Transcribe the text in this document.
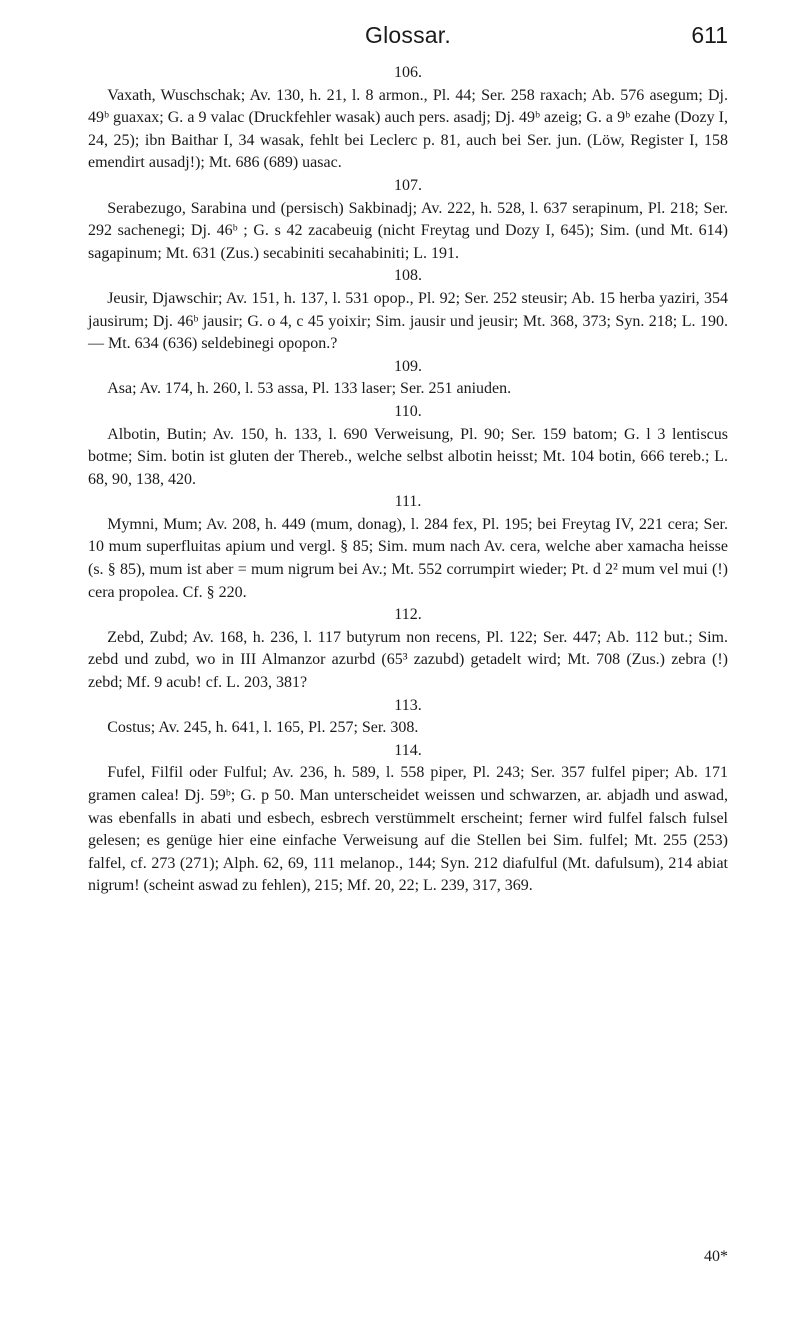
Glossar.	611

106.

Vaxath, Wuschschak; Av. 130, h. 21, l. 8 armon., Pl. 44; Ser. 258 raxach; Ab. 576 asegum; Dj. 49ᵇ guaxax; G. a 9 valac (Druckfehler wasak) auch pers. asadj; Dj. 49ᵇ azeig; G. a 9ᵇ ezahe (Dozy I, 24, 25); ibn Baithar I, 34 wasak, fehlt bei Leclerc p. 81, auch bei Ser. jun. (Löw, Register I, 158 emendirt ausadj!); Mt. 686 (689) uasac.

107.

Serabezugo, Sarabina und (persisch) Sakbinadj; Av. 222, h. 528, l. 637 serapinum, Pl. 218; Ser. 292 sachenegi; Dj. 46ᵇ ; G. s 42 zacabeuig (nicht Freytag und Dozy I, 645); Sim. (und Mt. 614) sagapinum; Mt. 631 (Zus.) secabiniti secahabiniti; L. 191.

108.

Jeusir, Djawschir; Av. 151, h. 137, l. 531 opop., Pl. 92; Ser. 252 steusir; Ab. 15 herba yaziri, 354 jausirum; Dj. 46ᵇ jausir; G. o 4, c 45 yoixir; Sim. jausir und jeusir; Mt. 368, 373; Syn. 218; L. 190. — Mt. 634 (636) seldebinegi opopon.?

109.

Asa; Av. 174, h. 260, l. 53 assa, Pl. 133 laser; Ser. 251 aniuden.

110.

Albotin, Butin; Av. 150, h. 133, l. 690 Verweisung, Pl. 90; Ser. 159 batom; G. l 3 lentiscus botme; Sim. botin ist gluten der Thereb., welche selbst albotin heisst; Mt. 104 botin, 666 tereb.; L. 68, 90, 138, 420.

111.

Mymni, Mum; Av. 208, h. 449 (mum, donag), l. 284 fex, Pl. 195; bei Freytag IV, 221 cera; Ser. 10 mum superfluitas apium und vergl. § 85; Sim. mum nach Av. cera, welche aber xamacha heisse (s. § 85), mum ist aber = mum nigrum bei Av.; Mt. 552 corrumpirt wieder; Pt. d 2² mum vel mui (!) cera propolea. Cf. § 220.

112.

Zebd, Zubd; Av. 168, h. 236, l. 117 butyrum non recens, Pl. 122; Ser. 447; Ab. 112 but.; Sim. zebd und zubd, wo in III Almanzor azurbd (65³ zazubd) getadelt wird; Mt. 708 (Zus.) zebra (!) zebd; Mf. 9 acub! cf. L. 203, 381?

113.

Costus; Av. 245, h. 641, l. 165, Pl. 257; Ser. 308.

114.

Fufel, Filfil oder Fulful; Av. 236, h. 589, l. 558 piper, Pl. 243; Ser. 357 fulfel piper; Ab. 171 gramen calea! Dj. 59ᵇ; G. p 50. Man unterscheidet weissen und schwarzen, ar. abjadh und aswad, was ebenfalls in abati und esbech, esbrech verstümmelt erscheint; ferner wird fulfel falsch fulsel gelesen; es genüge hier eine einfache Verweisung auf die Stellen bei Sim. fulfel; Mt. 255 (253) falfel, cf. 273 (271); Alph. 62, 69, 111 melanop., 144; Syn. 212 diafulful (Mt. dafulsum), 214 abiat nigrum! (scheint aswad zu fehlen), 215; Mf. 20, 22; L. 239, 317, 369.

40*
